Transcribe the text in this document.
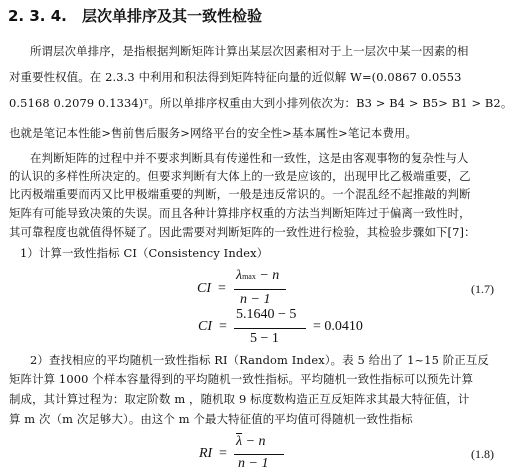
2. 3. 4. 层次单排序及其一致性检验
所谓层次单排序，是指根据判断矩阵计算出某层次因素相对于上一层次中某一因素的相
对重要性权值。在 2.3.3 中利用和积法得到矩阵特征向量的近似解 W=(0.0867 0.0553
0.5168 0.2079 0.1334)ᵀ。所以单排序权重由大到小排列依次为：B3 > B4 > B5> B1 > B2。
也就是笔记本性能>售前售后服务>网络平台的安全性>基本属性>笔记本费用。
在判断矩阵的过程中并不要求判断具有传递性和一致性，这是由客观事物的复杂性与人
的认识的多样性所决定的。但要求判断有大体上的一致是应该的，出现甲比乙极端重要，乙
比丙极端重要而丙又比甲极端重要的判断，一般是违反常识的。一个混乱经不起推敲的判断
矩阵有可能导致决策的失误。而且各种计算排序权重的方法当判断矩阵过于偏离一致性时，
其可靠程度也就值得怀疑了。因此需要对判断矩阵的一致性进行检验，其检验步骤如下[7]：
1）计算一致性指标 CI（Consistency Index）
CI =
λmax − n
n − 1
(1.7)
CI =
5.1640 − 5
5 − 1
= 0.0410
2）查找相应的平均随机一致性指标 RI（Random Index）。表 5 给出了 1~15 阶正互反
矩阵计算 1000 个样本容量得到的平均随机一致性指标。平均随机一致性指标可以预先计算
制成，其计算过程为：取定阶数 m ，随机取 9 标度数构造正互反矩阵求其最大特征值，计
算 m 次（m 次足够大）。由这个 m 个最大特征值的平均值可得随机一致性指标
RI =
$\overline{\lambda} - n$
n − 1
(1.8)
